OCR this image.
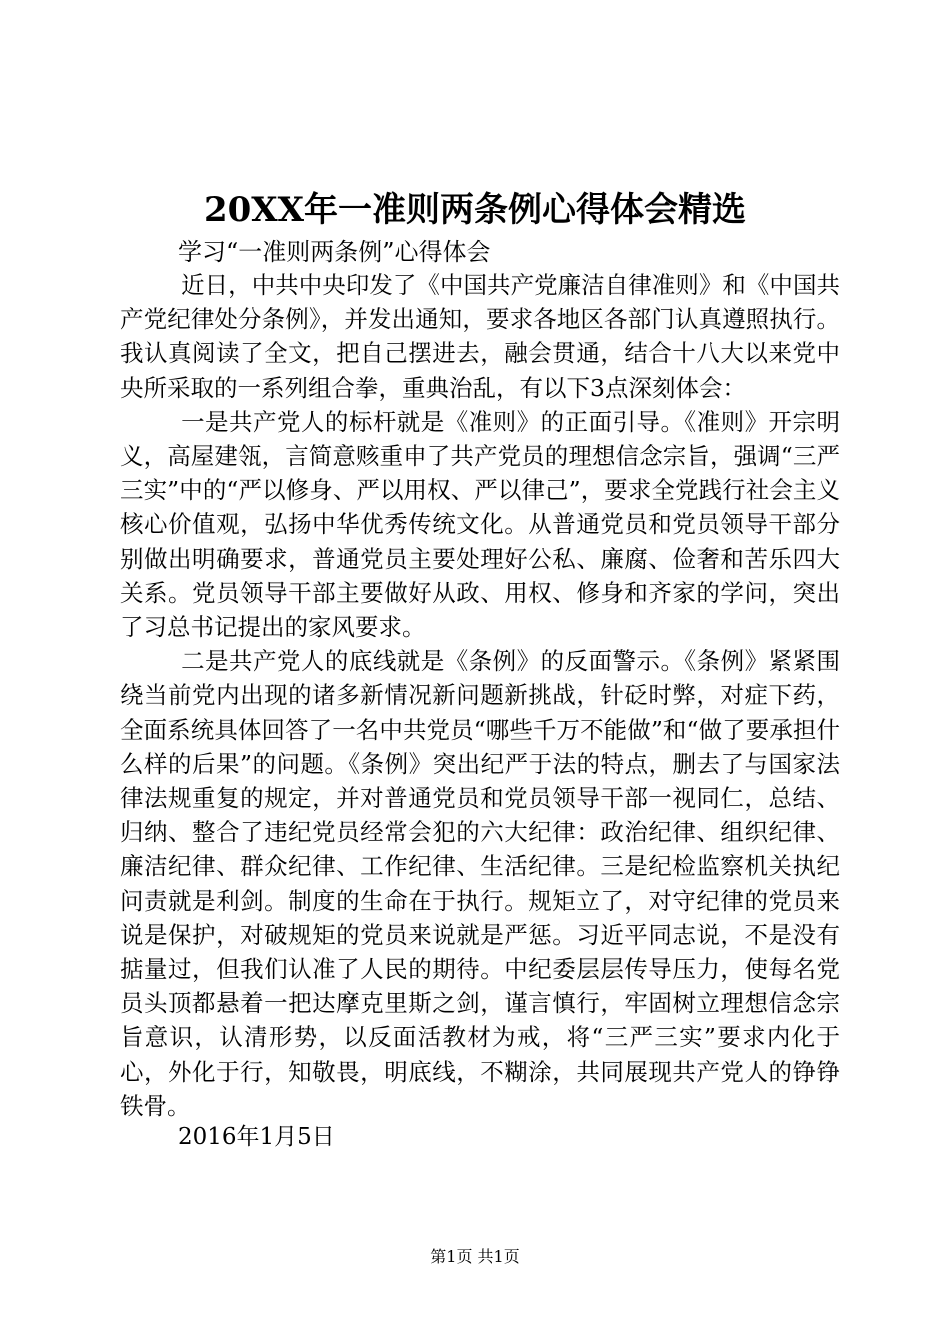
20XX年一准则两条例心得体会精选
学习“一准则两条例”心得体会

近日，中共中央印发了《中国共产党廉洁自律准则》和《中国共产党纪律处分条例》，并发出通知，要求各地区各部门认真遵照执行。我认真阅读了全文，把自己摆进去，融会贯通，结合十八大以来党中央所采取的一系列组合拳，重典治乱，有以下3点深刻体会：

一是共产党人的标杆就是《准则》的正面引导。《准则》开宗明义，高屋建瓴，言简意赅重申了共产党员的理想信念宗旨，强调“三严三实”中的“严以修身、严以用权、严以律己”，要求全党践行社会主义核心价值观，弘扬中华优秀传统文化。从普通党员和党员领导干部分别做出明确要求，普通党员主要处理好公私、廉腐、俭奢和苦乐四大关系。党员领导干部主要做好从政、用权、修身和齐家的学问，突出了习总书记提出的家风要求。

二是共产党人的底线就是《条例》的反面警示。《条例》紧紧围绕当前党内出现的诸多新情况新问题新挑战，针砭时弊，对症下药，全面系统具体回答了一名中共党员“哪些千万不能做”和“做了要承担什么样的后果”的问题。《条例》突出纪严于法的特点，删去了与国家法律法规重复的规定，并对普通党员和党员领导干部一视同仁，总结、归纳、整合了违纪党员经常会犯的六大纪律：政治纪律、组织纪律、廉洁纪律、群众纪律、工作纪律、生活纪律。三是纪检监察机关执纪问责就是利剑。制度的生命在于执行。规矩立了，对守纪律的党员来说是保护，对破规矩的党员来说就是严惩。习近平同志说，不是没有掂量过，但我们认准了人民的期待。中纪委层层传导压力，使每名党员头顶都悬着一把达摩克里斯之剑，谨言慎行，牢固树立理想信念宗旨意识，认清形势，以反面活教材为戒，将“三严三实”要求内化于心，外化于行，知敬畏，明底线，不糊涂，共同展现共产党人的铮铮铁骨。

2016年1月5日
第1页 共1页
